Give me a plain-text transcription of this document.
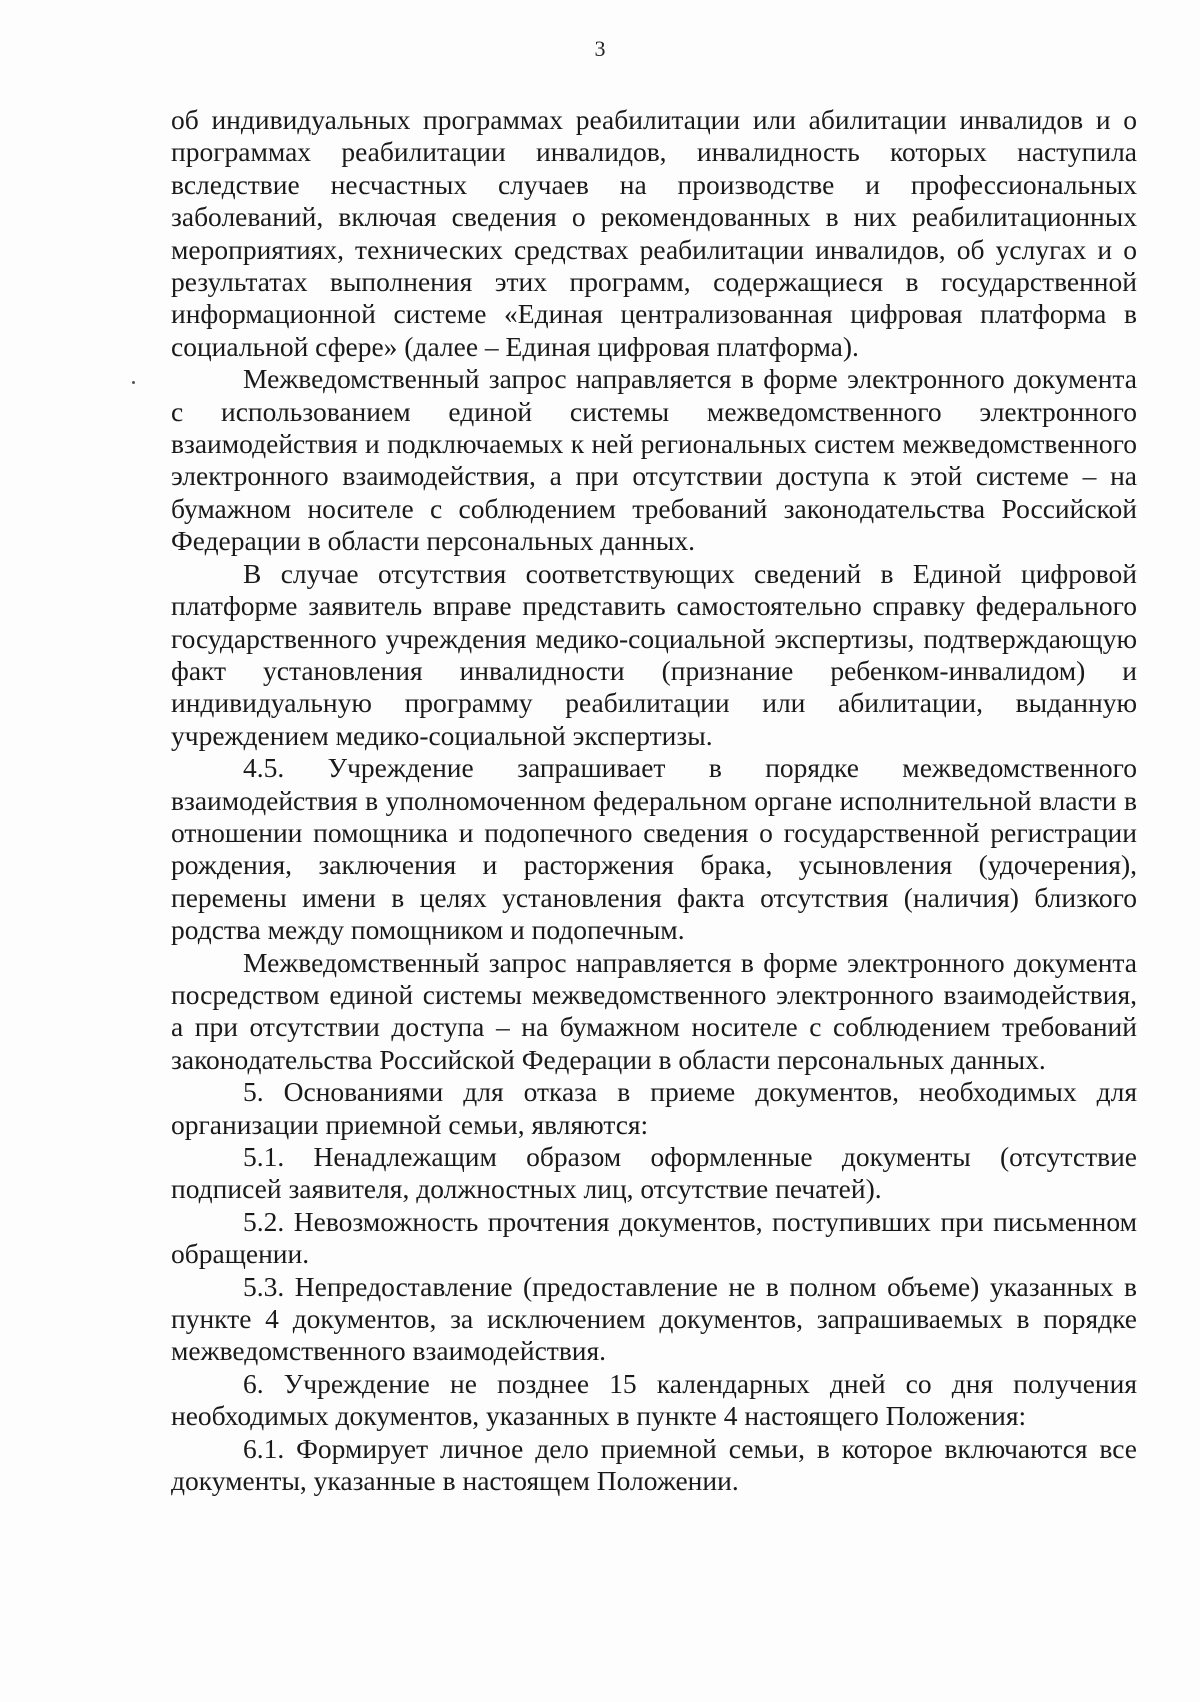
3

об индивидуальных программах реабилитации или абилитации инвалидов и о программах реабилитации инвалидов, инвалидность которых наступила вследствие несчастных случаев на производстве и профессиональных заболеваний, включая сведения о рекомендованных в них реабилитационных мероприятиях, технических средствах реабилитации инвалидов, об услугах и о результатах выполнения этих программ, содержащиеся в государственной информационной системе «Единая централизованная цифровая платформа в социальной сфере» (далее – Единая цифровая платформа).

Межведомственный запрос направляется в форме электронного документа с использованием единой системы межведомственного электронного взаимодействия и подключаемых к ней региональных систем межведомственного электронного взаимодействия, а при отсутствии доступа к этой системе – на бумажном носителе с соблюдением требований законодательства Российской Федерации в области персональных данных.

В случае отсутствия соответствующих сведений в Единой цифровой платформе заявитель вправе представить самостоятельно справку федерального государственного учреждения медико-социальной экспертизы, подтверждающую факт установления инвалидности (признание ребенком-инвалидом) и индивидуальную программу реабилитации или абилитации, выданную учреждением медико-социальной экспертизы.

4.5. Учреждение запрашивает в порядке межведомственного взаимодействия в уполномоченном федеральном органе исполнительной власти в отношении помощника и подопечного сведения о государственной регистрации рождения, заключения и расторжения брака, усыновления (удочерения), перемены имени в целях установления факта отсутствия (наличия) близкого родства между помощником и подопечным.

Межведомственный запрос направляется в форме электронного документа посредством единой системы межведомственного электронного взаимодействия, а при отсутствии доступа – на бумажном носителе с соблюдением требований законодательства Российской Федерации в области персональных данных.

5. Основаниями для отказа в приеме документов, необходимых для организации приемной семьи, являются:

5.1. Ненадлежащим образом оформленные документы (отсутствие подписей заявителя, должностных лиц, отсутствие печатей).

5.2. Невозможность прочтения документов, поступивших при письменном обращении.

5.3. Непредоставление (предоставление не в полном объеме) указанных в пункте 4 документов, за исключением документов, запрашиваемых в порядке межведомственного взаимодействия.

6. Учреждение не позднее 15 календарных дней со дня получения необходимых документов, указанных в пункте 4 настоящего Положения:

6.1. Формирует личное дело приемной семьи, в которое включаются все документы, указанные в настоящем Положении.
